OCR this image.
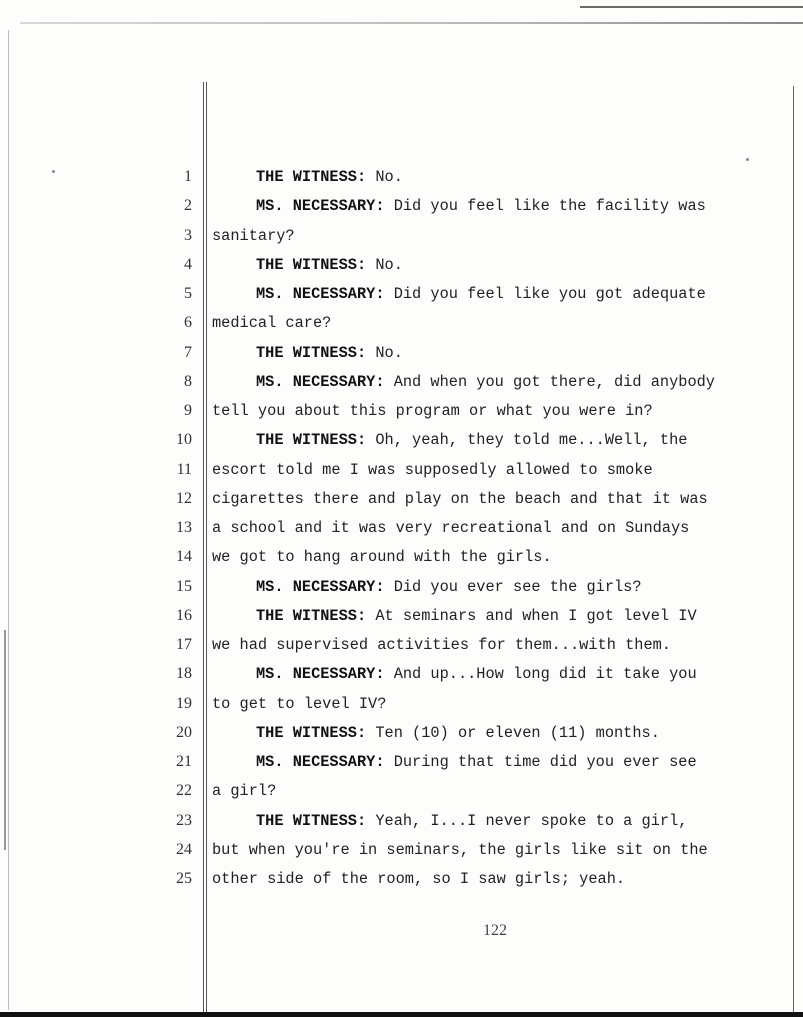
1	THE WITNESS: No.
2	MS. NECESSARY: Did you feel like the facility was
3 sanitary?
4	THE WITNESS: No.
5	MS. NECESSARY: Did you feel like you got adequate
6 medical care?
7	THE WITNESS: No.
8	MS. NECESSARY: And when you got there, did anybody
9 tell you about this program or what you were in?
10	THE WITNESS: Oh, yeah, they told me...Well, the
11 escort told me I was supposedly allowed to smoke
12 cigarettes there and play on the beach and that it was
13 a school and it was very recreational and on Sundays
14 we got to hang around with the girls.
15	MS. NECESSARY: Did you ever see the girls?
16	THE WITNESS: At seminars and when I got level IV
17 we had supervised activities for them...with them.
18	MS. NECESSARY: And up...How long did it take you
19 to get to level IV?
20	THE WITNESS: Ten (10) or eleven (11) months.
21	MS. NECESSARY: During that time did you ever see
22 a girl?
23	THE WITNESS: Yeah, I...I never spoke to a girl,
24 but when you're in seminars, the girls like sit on the
25 other side of the room, so I saw girls; yeah.
122
